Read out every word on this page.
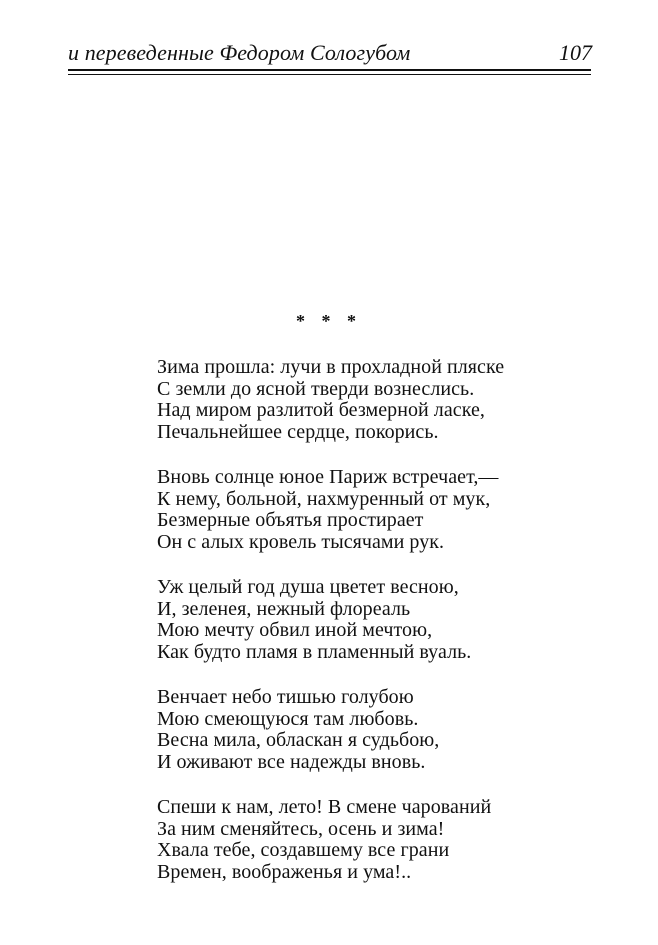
и переведенные Федором Сологубом	107
* * *
Зима прошла: лучи в прохладной пляске
С земли до ясной тверди вознеслись.
Над миром разлитой безмерной ласке,
Печальнейшее сердце, покорись.
Вновь солнце юное Париж встречает,—
К нему, больной, нахмуренный от мук,
Безмерные объятья простирает
Он с алых кровель тысячами рук.
Уж целый год душа цветет весною,
И, зеленея, нежный флореаль
Мою мечту обвил иной мечтою,
Как будто пламя в пламенный вуаль.
Венчает небо тишью голубою
Мою смеющуюся там любовь.
Весна мила, обласкан я судьбою,
И оживают все надежды вновь.
Спеши к нам, лето! В смене чарований
За ним сменяйтесь, осень и зима!
Хвала тебе, создавшему все грани
Времен, воображенья и ума!..
